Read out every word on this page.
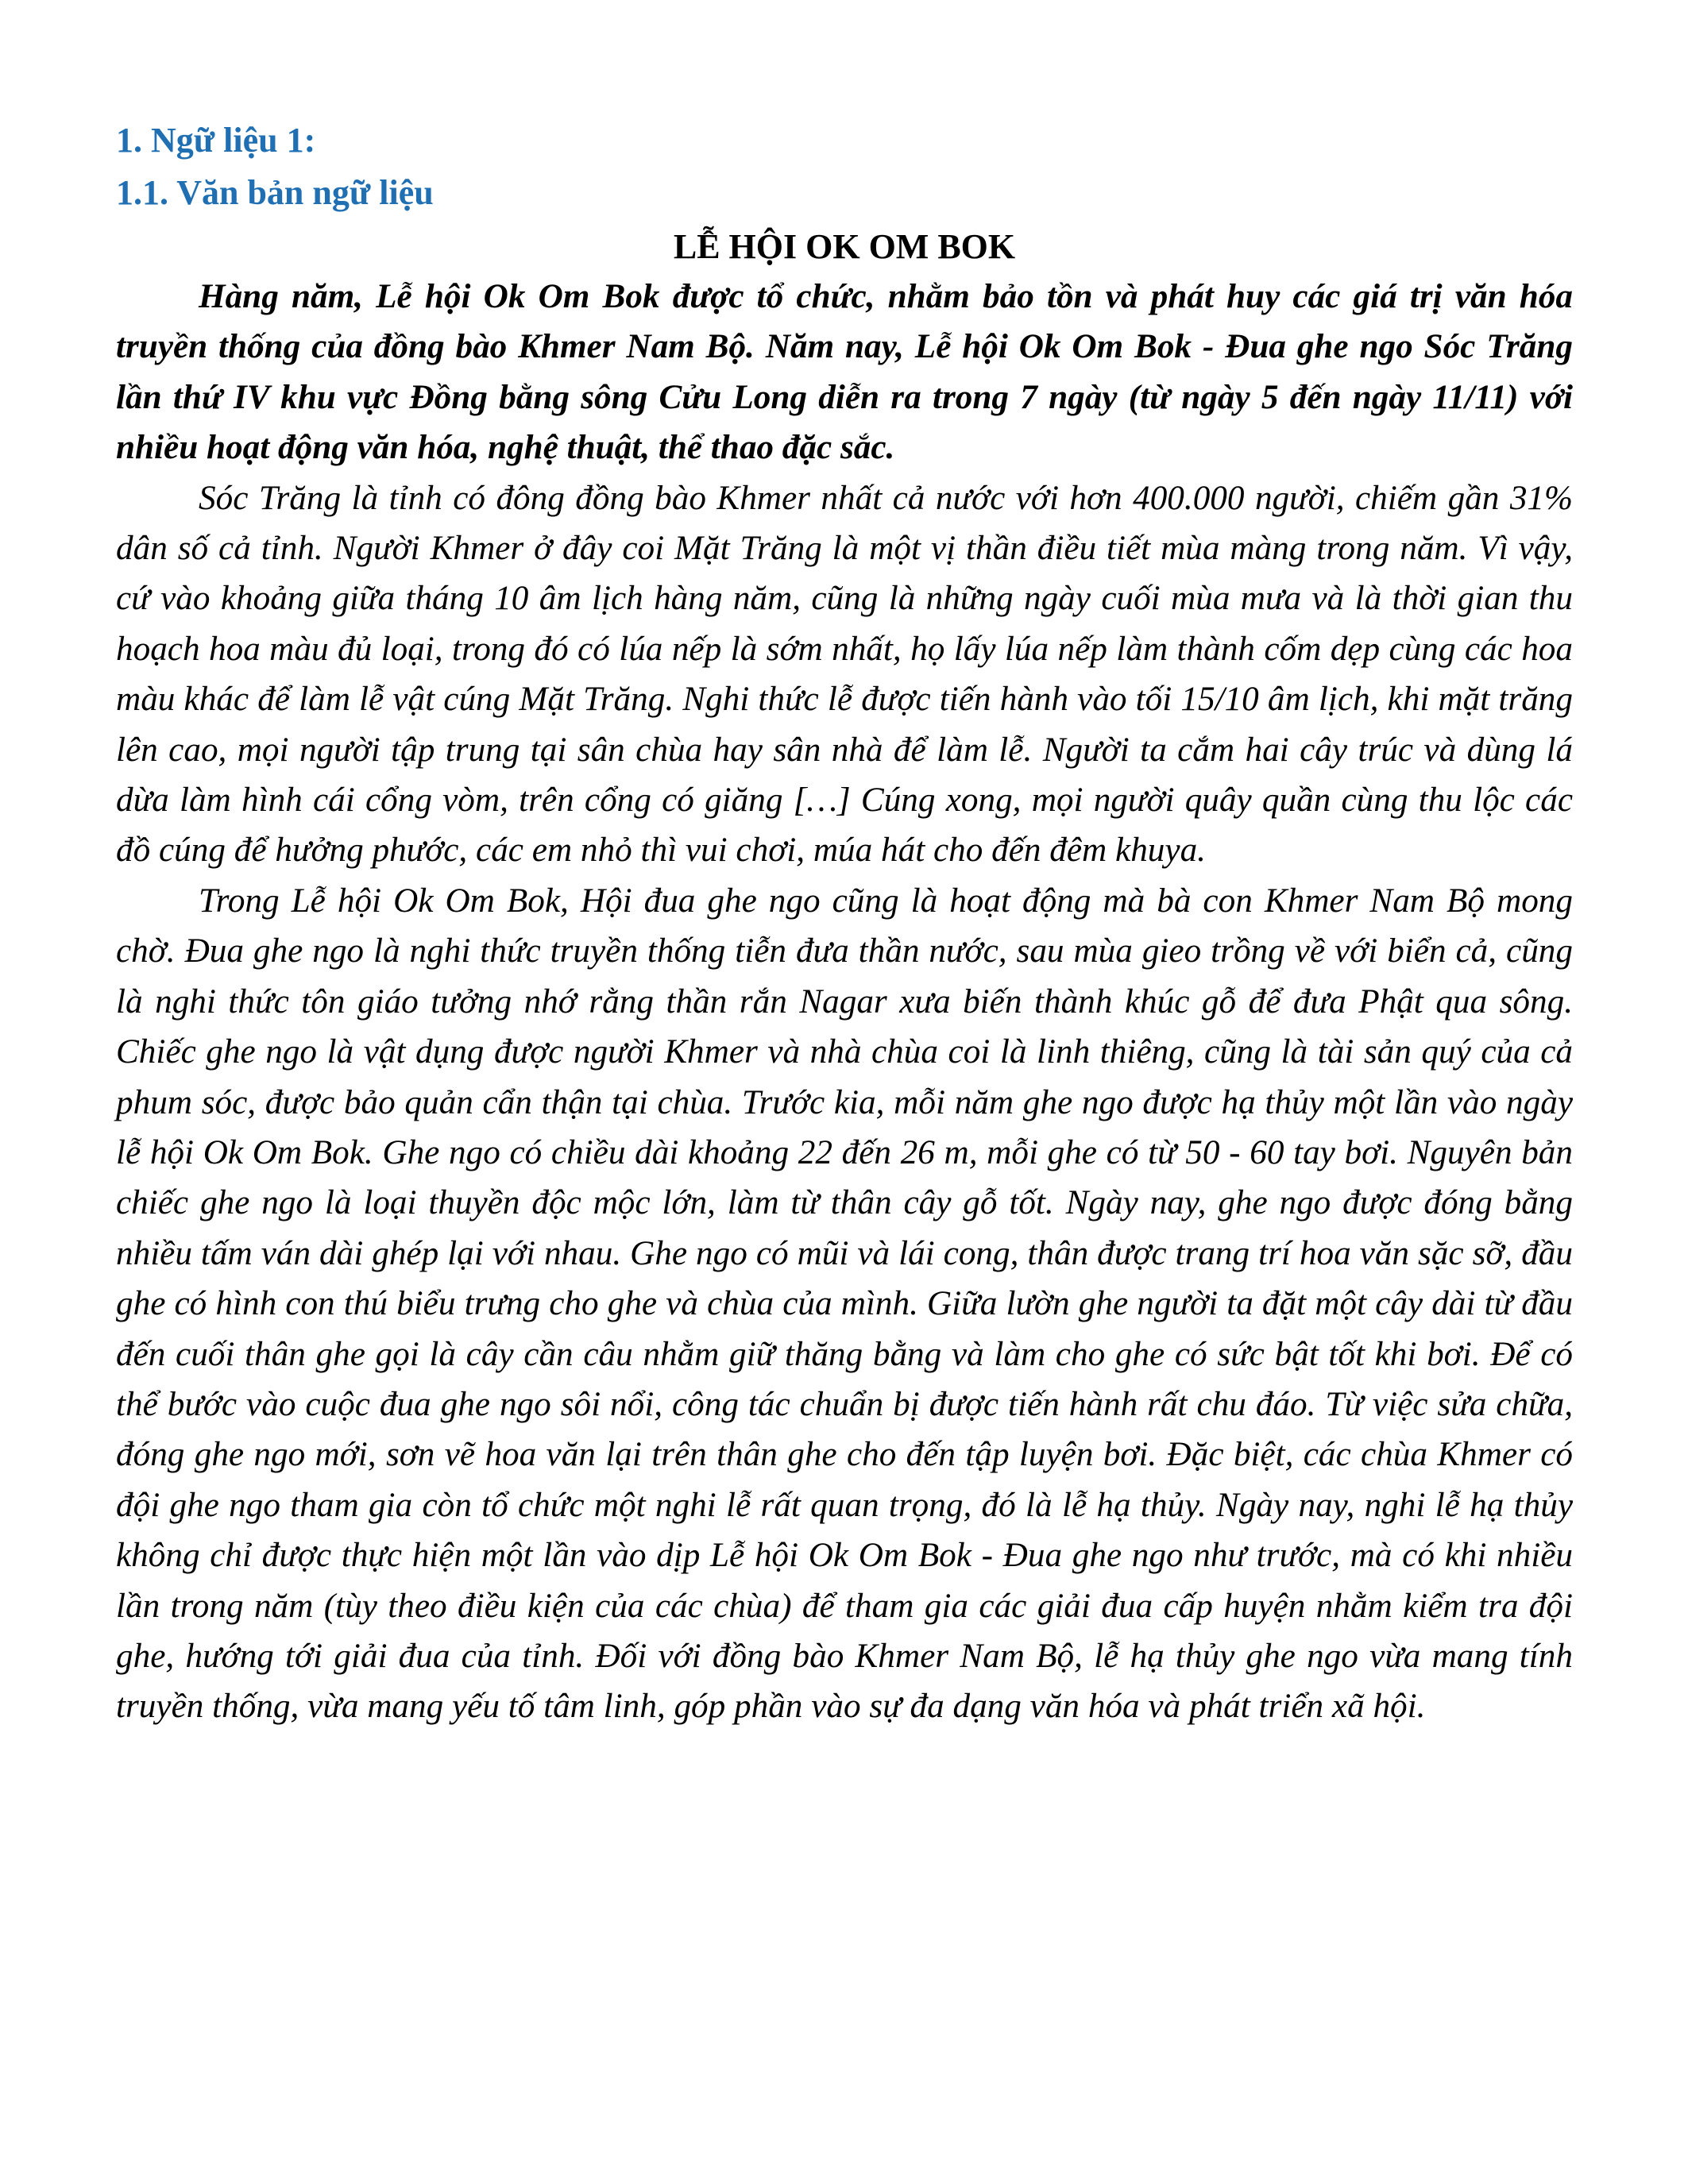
1. Ngữ liệu 1:
1.1. Văn bản ngữ liệu
LỄ HỘI OK OM BOK

Hàng năm, Lễ hội Ok Om Bok được tổ chức, nhằm bảo tồn và phát huy các giá trị văn hóa truyền thống của đồng bào Khmer Nam Bộ. Năm nay, Lễ hội Ok Om Bok - Đua ghe ngo Sóc Trăng lần thứ IV khu vực Đồng bằng sông Cửu Long diễn ra trong 7 ngày (từ ngày 5 đến ngày 11/11) với nhiều hoạt động văn hóa, nghệ thuật, thể thao đặc sắc.

Sóc Trăng là tỉnh có đông đồng bào Khmer nhất cả nước với hơn 400.000 người, chiếm gần 31% dân số cả tỉnh. Người Khmer ở đây coi Mặt Trăng là một vị thần điều tiết mùa màng trong năm. Vì vậy, cứ vào khoảng giữa tháng 10 âm lịch hàng năm, cũng là những ngày cuối mùa mưa và là thời gian thu hoạch hoa màu đủ loại, trong đó có lúa nếp là sớm nhất, họ lấy lúa nếp làm thành cốm dẹp cùng các hoa màu khác để làm lễ vật cúng Mặt Trăng. Nghi thức lễ được tiến hành vào tối 15/10 âm lịch, khi mặt trăng lên cao, mọi người tập trung tại sân chùa hay sân nhà để làm lễ. Người ta cắm hai cây trúc và dùng lá dừa làm hình cái cổng vòm, trên cổng có giăng […] Cúng xong, mọi người quây quần cùng thu lộc các đồ cúng để hưởng phước, các em nhỏ thì vui chơi, múa hát cho đến đêm khuya.

Trong Lễ hội Ok Om Bok, Hội đua ghe ngo cũng là hoạt động mà bà con Khmer Nam Bộ mong chờ. Đua ghe ngo là nghi thức truyền thống tiễn đưa thần nước, sau mùa gieo trồng về với biển cả, cũng là nghi thức tôn giáo tưởng nhớ rằng thần rắn Nagar xưa biến thành khúc gỗ để đưa Phật qua sông. Chiếc ghe ngo là vật dụng được người Khmer và nhà chùa coi là linh thiêng, cũng là tài sản quý của cả phum sóc, được bảo quản cẩn thận tại chùa. Trước kia, mỗi năm ghe ngo được hạ thủy một lần vào ngày lễ hội Ok Om Bok. Ghe ngo có chiều dài khoảng 22 đến 26 m, mỗi ghe có từ 50 - 60 tay bơi. Nguyên bản chiếc ghe ngo là loại thuyền độc mộc lớn, làm từ thân cây gỗ tốt. Ngày nay, ghe ngo được đóng bằng nhiều tấm ván dài ghép lại với nhau. Ghe ngo có mũi và lái cong, thân được trang trí hoa văn sặc sỡ, đầu ghe có hình con thú biểu trưng cho ghe và chùa của mình. Giữa lườn ghe người ta đặt một cây dài từ đầu đến cuối thân ghe gọi là cây cần câu nhằm giữ thăng bằng và làm cho ghe có sức bật tốt khi bơi. Để có thể bước vào cuộc đua ghe ngo sôi nổi, công tác chuẩn bị được tiến hành rất chu đáo. Từ việc sửa chữa, đóng ghe ngo mới, sơn vẽ hoa văn lại trên thân ghe cho đến tập luyện bơi. Đặc biệt, các chùa Khmer có đội ghe ngo tham gia còn tổ chức một nghi lễ rất quan trọng, đó là lễ hạ thủy. Ngày nay, nghi lễ hạ thủy không chỉ được thực hiện một lần vào dịp Lễ hội Ok Om Bok - Đua ghe ngo như trước, mà có khi nhiều lần trong năm (tùy theo điều kiện của các chùa) để tham gia các giải đua cấp huyện nhằm kiểm tra đội ghe, hướng tới giải đua của tỉnh. Đối với đồng bào Khmer Nam Bộ, lễ hạ thủy ghe ngo vừa mang tính truyền thống, vừa mang yếu tố tâm linh, góp phần vào sự đa dạng văn hóa và phát triển xã hội.
